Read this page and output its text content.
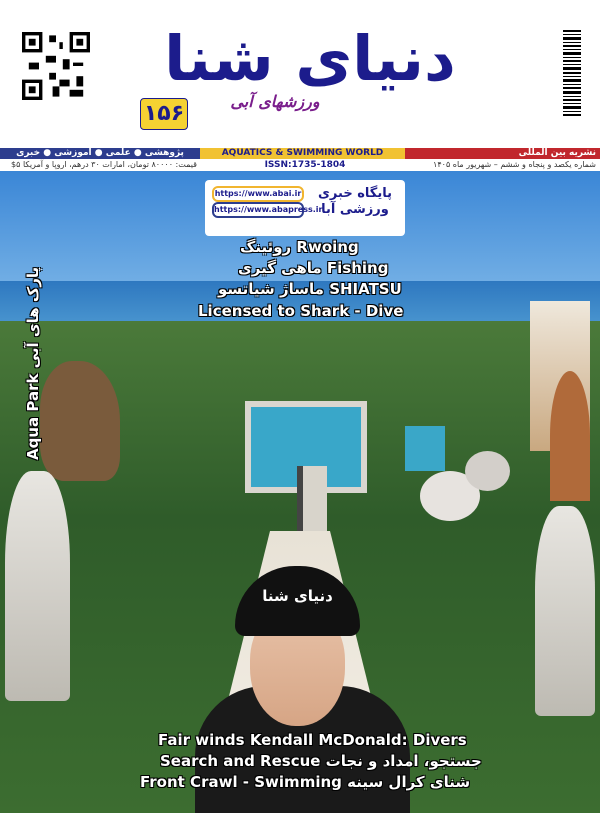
دنیای شنا
ورزشهای آبی
۱۵۶
پژوهشی ● علمی ● آموزشی ● خبری	AQUATICS & SWIMMING WORLD	نشریه بین المللی
قیمت: ۸۰۰۰۰ تومان، امارات ۳۰ درهم، اروپا و آمریکا ۵$	ISSN:1735-1804	شماره یکصد و پنجاه و ششم – شهریور ماه ۱۴۰۵
دنیای شنا
https://www.abai.ir
https://www.abapress.ir
پایگاه خبری ورزشی آبا
روئینگ Rwoing
ماهی گیری Fishing
ماساژ شیاتسو SHIATSU
Licensed to Shark - Dive
Aqua Park پارک های آبی
Fair winds Kendall McDonald: Divers
Search and Rescue جستجو، امداد و نجات
Front Crawl - Swimming شنای کرال سینه
